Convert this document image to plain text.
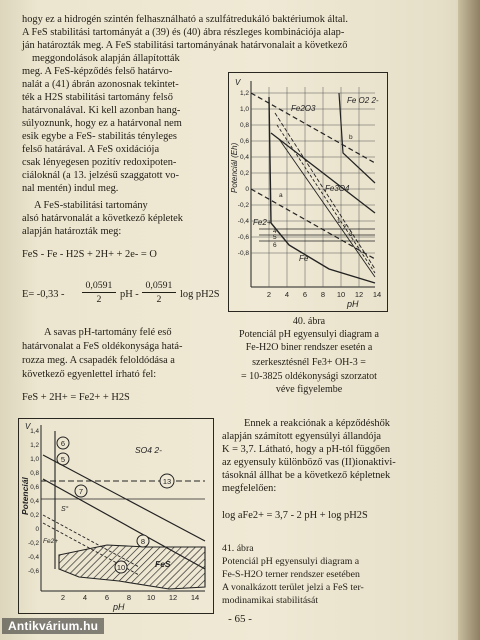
hogy ez a hidrogén szintén felhasználható a szulfátredukáló baktériumok által.
A FeS stabilitási tartományát a (39) és (40) ábra részleges kombinációja alap-
ján határozták meg. A FeS stabilitási tartományának határvonalait a következő
meggondolások alapján állapították
meg. A FeS-képződés felső határvo-
nalát a (41) ábrán azonosnak tekintet-
ték a H2S stabilitási tartomány felső
határvonalával. Ki kell azonban hang-
súlyoznunk, hogy ez a határvonal nem
esik egybe a FeS- stabilitás tényleges
felső határával. A FeS oxidációja
csak lényegesen pozitív redoxipoten-
ciáloknál (a 13. jelzésű szaggatott vo-
nal mentén) indul meg.
A FeS-stabilitási tartomány
alsó határvonalát a következő képletek
alapján határozták meg:
FeS - Fe - H2S + 2H+ + 2e- = O
E= -0,33 -
0,0591
2	pH -
0,0591
2	log pH2S
A savas pH-tartomány felé eső
határvonalat a FeS oldékonysága hatá-
rozza meg. A csapadék feloldódása a
következő egyenlettel írható fel:
FeS + 2H+ = Fe2+ + H2S
1,2
1,0
0,8
0,6
0,4
0,2
0
-0,2
-0,4
-0,6
-0,8
2 4 6 8 10 12 14
pH
V
Potenciál (Eh)
Fe2O3
Fe O2 2-
Fe3O4
Fe
Fe2+
b
a
1
2
3
4
5
6
40. ábra
Potenciál pH egyensulyi diagram a
Fe-H2O biner rendszer esetén a
szerkesztésnél Fe3+ OH-3 =
= 10-3825 oldékonysági szorzatot
véve figyelembe
Ennek a reakciónak a képződéshők
alapján számított egyensúlyi állandója
K = 3,7. Látható, hogy a pH-tól függően
az egyensuly különböző vas (II)ionaktivi-
tásoknál állhat be a következő képletnek
megfelelően:
log aFe2+ = 3,7 - 2 pH + log pH2S
41. ábra
Potenciál pH egyensulyi diagram a
Fe-S-H2O terner rendszer esetében
A vonalkázott terület jelzi a FeS ter-
modinamikai stabilitását
6
5
7
13
8
10
1,4
1,2
1,0
0,8
0,6
0,4
0,2
0
-0,2
-0,4
-0,6
2 4 6 8 10 12 14
pH
V
Potenciál
SO4 2-
FeS
S°
Fe2+
- 65 -
Antikvárium.hu
